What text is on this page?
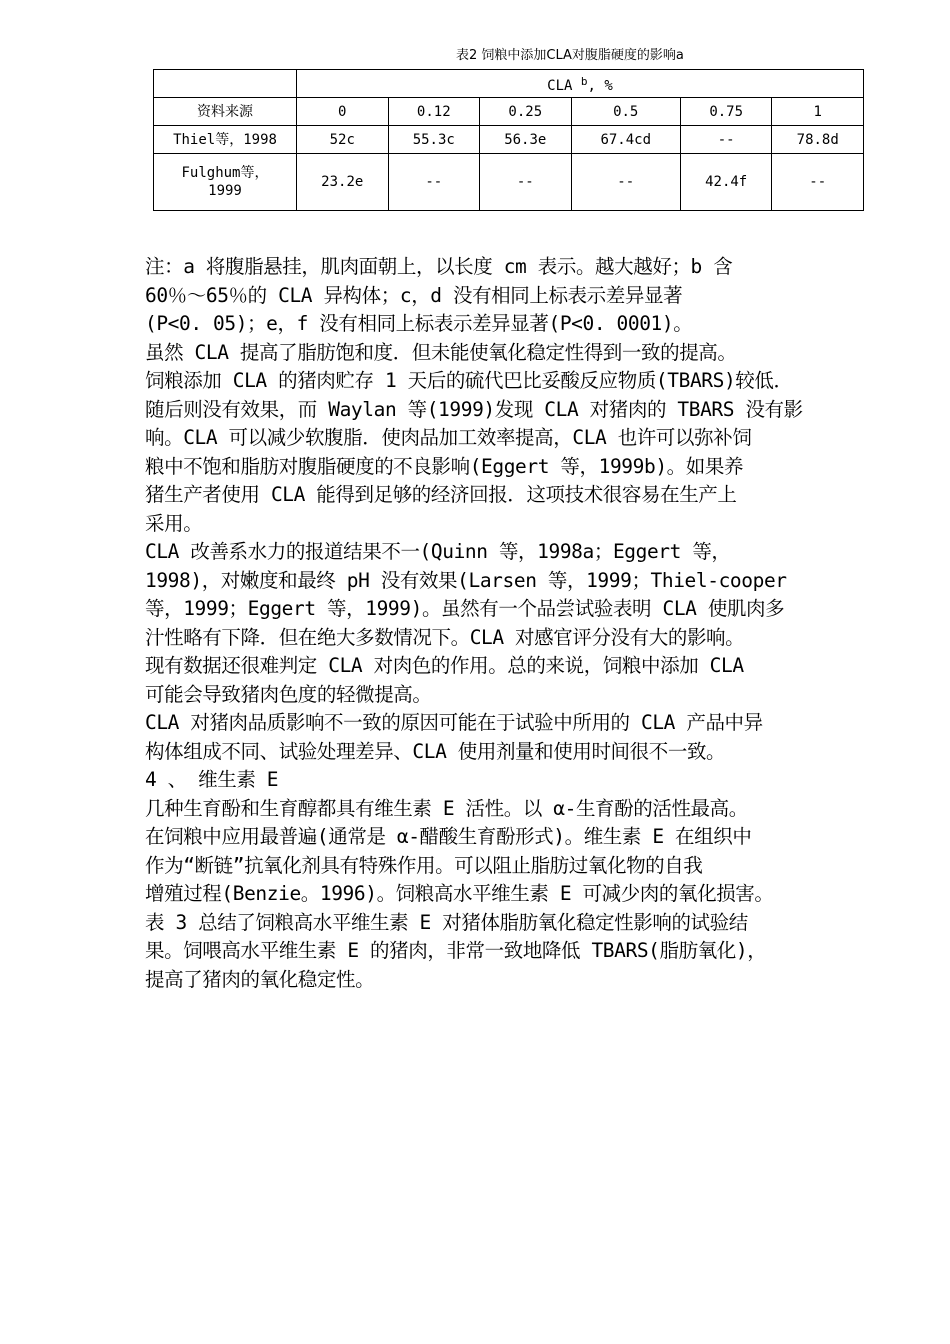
表2 饲粮中添加CLA对腹脂硬度的影响a
	CLA $^b$, %					
资料来源	0	0.12	0.25	0.5	0.75	1
Thiel等，1998	52c	55.3c	56.3e	67.4cd	--	78.8d
Fulghum等，
1999	23.2e	--	--	--	42.4f	--

注：a 将腹脂悬挂，肌肉面朝上，以长度 cm 表示。越大越好；b 含

60％～65％的 CLA 异构体；c，d 没有相同上标表示差异显著

(P<0. 05)；e，f 没有相同上标表示差异显著(P<0. 0001)。

虽然 CLA 提高了脂肪饱和度．但未能使氧化稳定性得到一致的提高。

饲粮添加 CLA 的猪肉贮存 1 天后的硫代巴比妥酸反应物质(TBARS)较低．

随后则没有效果，而 Waylan 等(1999)发现 CLA 对猪肉的 TBARS 没有影

响。CLA 可以减少软腹脂．使肉品加工效率提高，CLA 也许可以弥补饲

粮中不饱和脂肪对腹脂硬度的不良影响(Eggert 等，1999b)。如果养

猪生产者使用 CLA 能得到足够的经济回报．这项技术很容易在生产上

采用。

CLA 改善系水力的报道结果不一(Quinn 等，1998a；Eggert 等，

1998)，对嫩度和最终 pH 没有效果(Larsen 等，1999；Thiel-cooper

等，1999；Eggert 等，1999)。虽然有一个品尝试验表明 CLA 使肌肉多

汁性略有下降．但在绝大多数情况下。CLA 对感官评分没有大的影响。

现有数据还很难判定 CLA 对肉色的作用。总的来说，饲粮中添加 CLA

可能会导致猪肉色度的轻微提高。

CLA 对猪肉品质影响不一致的原因可能在于试验中所用的 CLA 产品中异

构体组成不同、试验处理差异、CLA 使用剂量和使用时间很不一致。

4 、 维生素 E

几种生育酚和生育醇都具有维生素 E 活性。以 α-生育酚的活性最高。

在饲粮中应用最普遍(通常是 α-醋酸生育酚形式)。维生素 E 在组织中

作为“断链”抗氧化剂具有特殊作用。可以阻止脂肪过氧化物的自我

增殖过程(Benzie。1996)。饲粮高水平维生素 E 可减少肉的氧化损害。

表 3 总结了饲粮高水平维生素 E 对猪体脂肪氧化稳定性影响的试验结

果。饲喂高水平维生素 E 的猪肉，非常一致地降低 TBARS(脂肪氧化)，

提高了猪肉的氧化稳定性。
